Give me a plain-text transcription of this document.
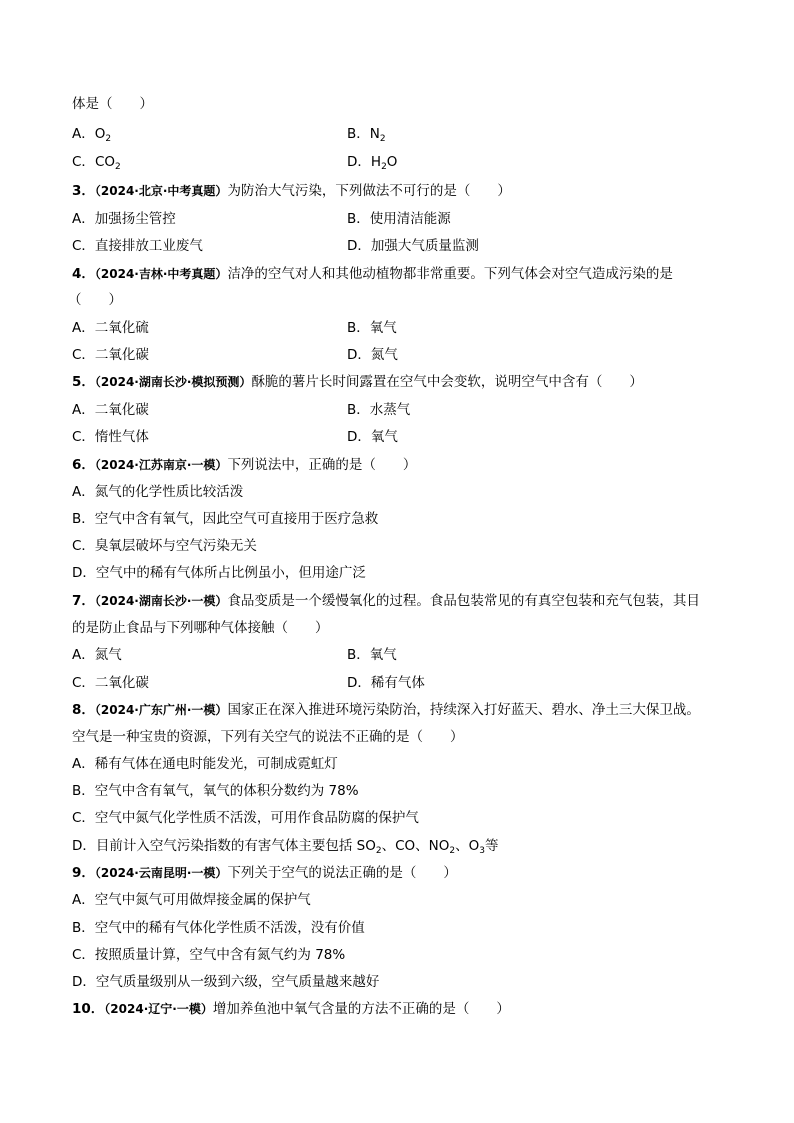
体是（　　）
A．$O_2$	B．$N_2$
C．$CO_2$	D．$H_2O$
3．（2024·北京·中考真题）为防治大气污染，下列做法不可行的是（　　）
A．加强扬尘管控	B．使用清洁能源
C．直接排放工业废气	D．加强大气质量监测
4．（2024·吉林·中考真题）洁净的空气对人和其他动植物都非常重要。下列气体会对空气造成污染的是
（　　）
A．二氧化硫	B．氧气
C．二氧化碳	D．氮气
5．（2024·湖南长沙·模拟预测）酥脆的薯片长时间露置在空气中会变软，说明空气中含有（　　）
A．二氧化碳	B．水蒸气
C．惰性气体	D．氧气
6．（2024·江苏南京·一模）下列说法中，正确的是（　　）
A．氮气的化学性质比较活泼
B．空气中含有氧气，因此空气可直接用于医疗急救
C．臭氧层破坏与空气污染无关
D．空气中的稀有气体所占比例虽小，但用途广泛
7．（2024·湖南长沙·一模）食品变质是一个缓慢氧化的过程。食品包装常见的有真空包装和充气包装，其目
的是防止食品与下列哪种气体接触（　　）
A．氮气	B．氧气
C．二氧化碳	D．稀有气体
8．（2024·广东广州·一模）国家正在深入推进环境污染防治，持续深入打好蓝天、碧水、净土三大保卫战。
空气是一种宝贵的资源，下列有关空气的说法不正确的是（　　）
A．稀有气体在通电时能发光，可制成霓虹灯
B．空气中含有氧气，氧气的体积分数约为 78%
C．空气中氮气化学性质不活泼，可用作食品防腐的保护气
D．目前计入空气污染指数的有害气体主要包括 $SO_2$、CO、$NO_2$、$O_3$等
9．（2024·云南昆明·一模）下列关于空气的说法正确的是（　　）
A．空气中氮气可用做焊接金属的保护气
B．空气中的稀有气体化学性质不活泼，没有价值
C．按照质量计算，空气中含有氮气约为 78%
D．空气质量级别从一级到六级，空气质量越来越好
10．（2024·辽宁·一模）增加养鱼池中氧气含量的方法不正确的是（　　）
